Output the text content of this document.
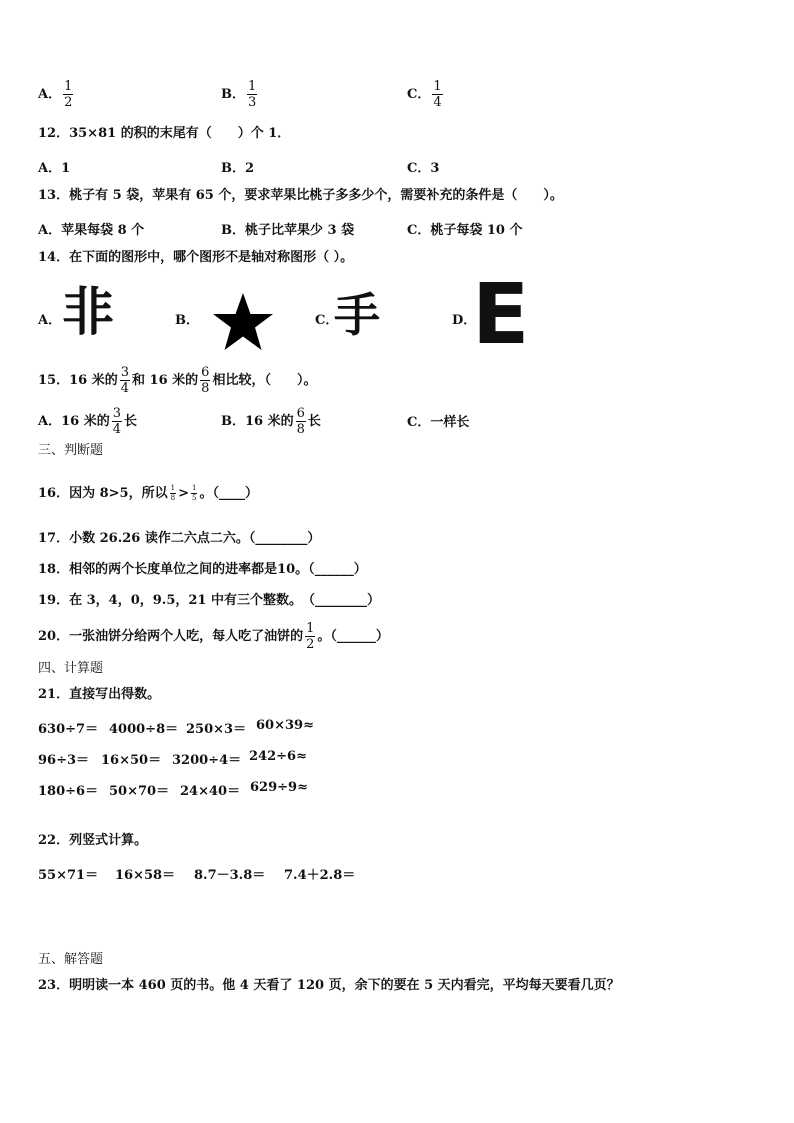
A． $\frac{1}{2}$	B． $\frac{1}{3}$	C． $\frac{1}{4}$
12．35×81 的积的末尾有（　　）个 1．
A．1	B．2	C．3
13．桃子有 5 袋，苹果有 65 个，要求苹果比桃子多多少个，需要补充的条件是（　　）。
A．苹果每袋 8 个	B．桃子比苹果少 3 袋	C．桃子每袋 10 个
14．在下面的图形中，哪个图形不是轴对称图形（ ）。
A． 非	B．	C．
手	D．
E
15．16 米的 $\frac{3}{4}$ 和 16 米的 $\frac{6}{8}$ 相比较，（　　）。
A．16 米的 $\frac{3}{4}$ 长	B．16 米的 $\frac{6}{8}$ 长	C．一样长
三、判断题
16．因为 8>5，所以 $\frac{1}{8} > \frac{1}{5}$ 。（____）
17．小数 26.26 读作二六点二六。（________）
18．相邻的两个长度单位之间的进率都是10。（______）
19．在 3，4，0，9.5，21 中有三个整数。　（________）
20．一张油饼分给两个人吃，每人吃了油饼的 $\frac{1}{2}$ 。（______）
四、计算题
21．直接写出得数。
630÷7＝ 4000÷8＝ 250×3＝ 60×39≈
96÷3＝ 16×50＝ 3200÷4＝ 242÷6≈
180÷6＝ 50×70＝ 24×40＝ 629÷9≈
22．列竖式计算。
55×71＝ 16×58＝ 8.7－3.8＝ 7.4＋2.8＝
五、解答题
23．明明读一本 460 页的书。他 4 天看了 120 页，余下的要在 5 天内看完，平均每天要看几页？
